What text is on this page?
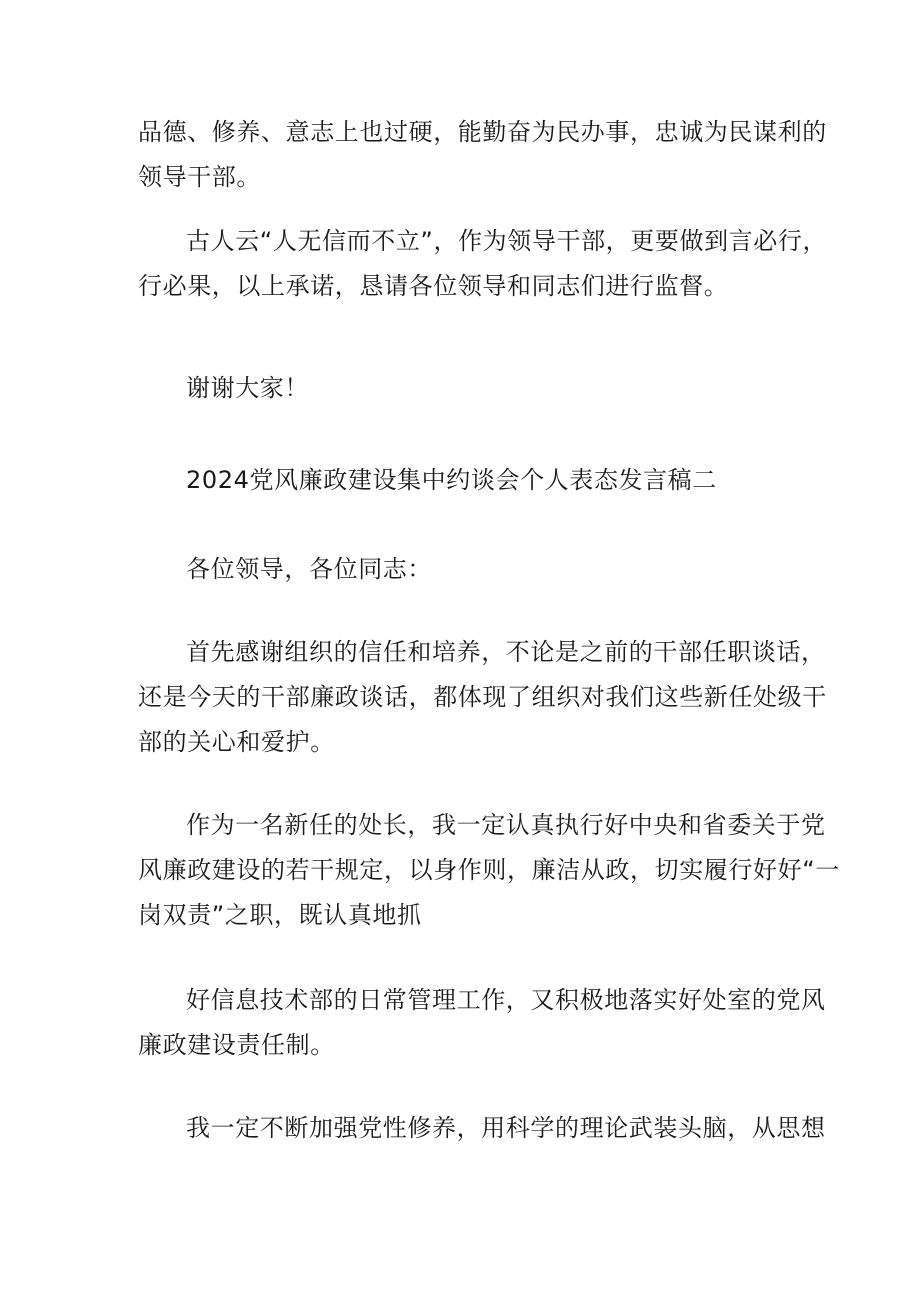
品德、修养、意志上也过硬，能勤奋为民办事，忠诚为民谋利的
领导干部。

古人云“人无信而不立”，作为领导干部，更要做到言必行，
行必果，以上承诺，恳请各位领导和同志们进行监督。

谢谢大家！

2024党风廉政建设集中约谈会个人表态发言稿二

各位领导，各位同志：

首先感谢组织的信任和培养，不论是之前的干部任职谈话，
还是今天的干部廉政谈话，都体现了组织对我们这些新任处级干
部的关心和爱护。

作为一名新任的处长，我一定认真执行好中央和省委关于党
风廉政建设的若干规定，以身作则，廉洁从政，切实履行好好“一
岗双责”之职，既认真地抓

好信息技术部的日常管理工作，又积极地落实好处室的党风
廉政建设责任制。

我一定不断加强党性修养，用科学的理论武装头脑，从思想
